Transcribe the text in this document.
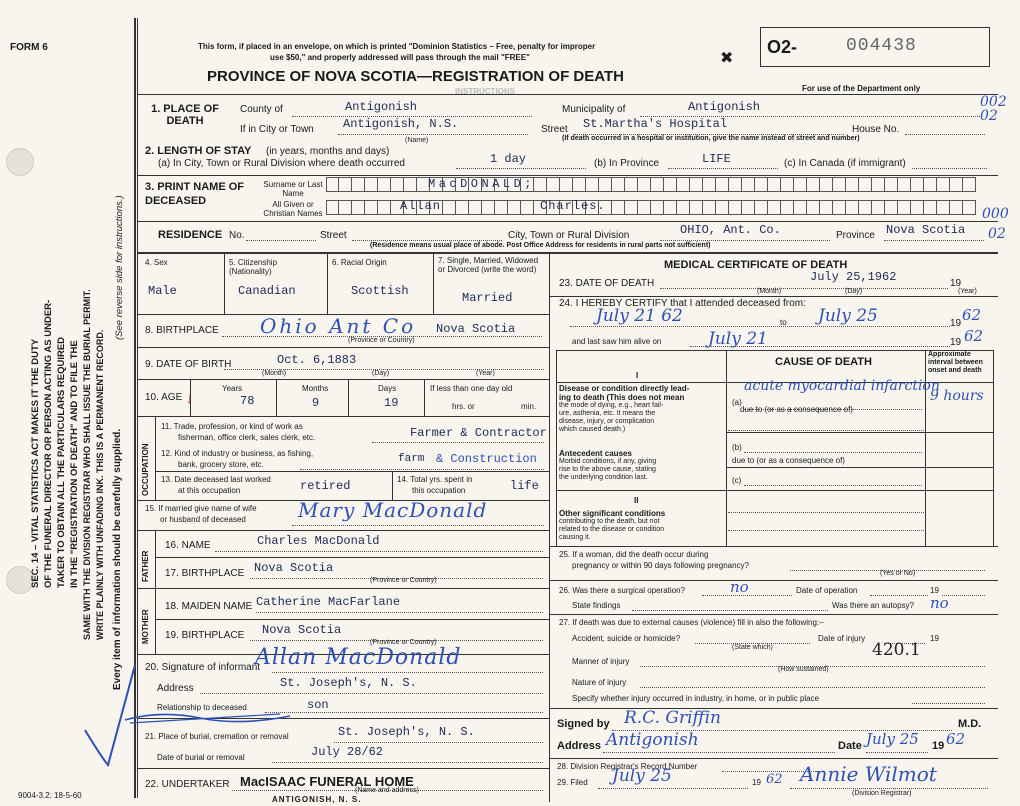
FORM 6
SEC. 14 – VITAL STATISTICS ACT MAKES IT THE DUTY OF THE FUNERAL DIRECTOR OR PERSON ACTING AS UNDER- TAKER TO OBTAIN ALL THE PARTICULARS REQUIRED IN THE "REGISTRATION OF DEATH" AND TO FILE THE SAME WITH THE DIVISION REGISTRAR WHO SHALL ISSUE THE BURIAL PERMIT. WRITE PLAINLY WITH UNFADING INK. THIS IS A PERMANENT RECORD. Every item of information should be carefully supplied.
(See reverse side for instructions.)
This form, if placed in an envelope, on which is printed "Dominion Statistics – Free, penalty for improper
use $50," and properly addressed will pass through the mail "FREE"
PROVINCE OF NOVA SCOTIA—REGISTRATION OF DEATH
INSTRUCTIONS
✖
O2-	004438
For use of the Department only
002
02
1. PLACE OF DEATH
County of	Antigonish	Municipality of	Antigonish
If in City or Town Antigonish, N.S.
(Name)
Street St.Martha's Hospital	House No.
(If death occurred in a hospital or institution, give the name instead of street and number)
2. LENGTH OF STAY (in years, months and days)
(a) In City, Town or Rural Division where death occurred	1 day	(b) In Province	LIFE	(c) In Canada (if immigrant)
3. PRINT NAME OF DECEASED
Surname or Last Name
MacDONALD;
All Given or Christian Names
Allan	Charles.
RESIDENCE No.	Street	City, Town or Rural Division	OHIO, Ant. Co.	Province Nova Scotia
000
02
(Residence means usual place of abode. Post Office Address for residents in rural parts not sufficient)
4. Sex
Male
5. Citizenship (Nationality)
Canadian
6. Racial Origin
Scottish
7. Single, Married, Widowed or Divorced (write the word)
Married
8. BIRTHPLACE Ohio Ant Co Nova Scotia
(Province or Country)
9. DATE OF BIRTH	Oct. 6,1883
(Month)	(Day)	(Year)
10. AGE ↓
Years
78
Months
9
Days
19
If less than one day old
hrs. or	min.
OCCUPATION
11. Trade, profession, or kind of work as
fisherman, office clerk, sales clerk, etc.	Farmer & Contractor
12. Kind of industry or business, as fishing,
bank, grocery store, etc.	farm & Construction
13. Date deceased last worked
at this occupation	retired	14. Total yrs. spent in
this occupation	life
15. If married give name of wife
or husband of deceased	Mary MacDonald
FATHER
16. NAME	Charles MacDonald
17. BIRTHPLACE Nova Scotia
(Province or Country)
MOTHER
18. MAIDEN NAME Catherine MacFarlane
19. BIRTHPLACE Nova Scotia
(Province or Country)
20. Signature of informant
Allan MacDonald
Address	St. Joseph's, N. S.
Relationship to deceased	son
21. Place of burial, cremation or removal	St. Joseph's, N. S.
Date of burial or removal	July 28/62
22. UNDERTAKER MacISAAC FUNERAL HOME
(Name and address)
ANTIGONISH, N. S.
9004-3.2: 18-5-60
MEDICAL CERTIFICATE OF DEATH
23. DATE OF DEATH	July 25,1962	19
(Month)	(Day)	(Year)
24. I HEREBY CERTIFY that I attended deceased from:
July 21 62	to July 25	19 62
and last saw him alive on	July 21	19 62
CAUSE OF DEATH
Approximate interval between onset and death
I
Disease or condition directly lead-
ing to death (This does not mean
the mode of dying, e.g., heart fail-
ure, asthenia, etc. It means the
disease, injury, or complication
which caused death.)
(a)
acute myocardial infarction
9 hours
due to (or as a consequence of)
Antecedent causes
Morbid conditions, if any, giving
rise to the above cause, stating
the underlying condition last.
(b)
due to (or as a consequence of)
(c)
II
Other significant conditions
contributing to the death, but not
related to the disease or condition
causing it.
25. If a woman, did the death occur during
pregnancy or within 90 days following pregnancy?
(Yes or No)
26. Was there a surgical operation?	no	Date of operation	19
State findings	Was there an autopsy? no
27. If death was due to external causes (violence) fill in also the following:–
Accident, suicide or homicide?	Date of injury	19
(State which)	420.1
Manner of injury
(How sustained)
Nature of injury
Specify whether injury occurred in industry, in home, or in public place
Signed by R.C. Griffin	M.D.
Address Antigonish	Date July 25 19 62
28. Division Registrar's Record Number
29. Filed July 25	19 62 Annie Wilmot
(Division Registrar)
